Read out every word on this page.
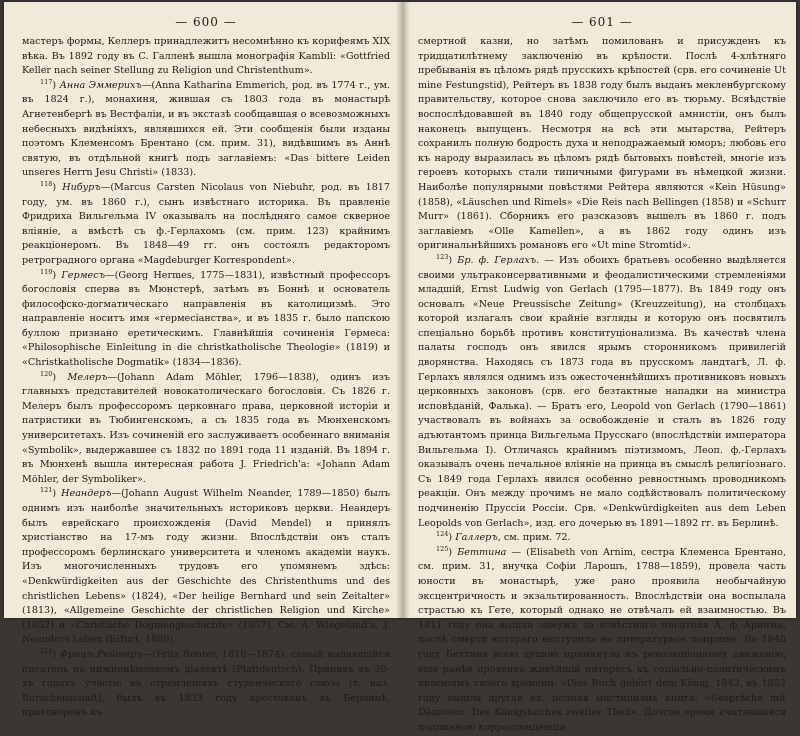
— 600 —

мастеръ формы, Келлеръ принадлежитъ несомнѣнно къ корифеямъ XIX вѣка. Въ 1892 году въ С. Галленѣ вышла монографія Kambli: «Gottfried Keller nach seiner Stellung zu Religion und Christenthum».

$^{117}$) Анна Эммерихъ—(Anna Katharina Emmerich, род. въ 1774 г., ум. въ 1824 г.), монахиня, жившая съ 1803 года въ монастырѣ Агнетенбергѣ въ Вестфаліи, и въ экстазѣ сообщавшая о всевозможныхъ небесныхъ видѣніяхъ, являвшихся ей. Эти сообщенія были изданы поэтомъ Клеменсомъ Брентано (см. прим. 31), видѣвшимъ въ Аннѣ святую, въ отдѣльной книгѣ подъ заглавіемъ: «Das bittere Leiden unseres Herrn Jesu Christi» (1833).

$^{118}$) Нибуръ—(Marcus Carsten Nicolaus von Niebuhr, род. въ 1817 году, ум. въ 1860 г.), сынъ извѣстнаго историка. Въ правленіе Фридриха Вильгельма IV оказывалъ на послѣдняго самое скверное вліяніе, а вмѣстѣ съ ф.-Герлахомъ (см. прим. 123) крайнимъ реакціонеромъ. Въ 1848—49 гг. онъ состоялъ редакторомъ ретроградного органа «Magdeburger Korrespondent».

$^{119}$) Гермесъ—(Georg Hermes, 1775—1831), извѣстный профессоръ богословія сперва въ Мюнстерѣ, затѣмъ въ Боннѣ и основатель философско-догматическаго направленія въ католицизмѣ. Это направленіе носитъ имя «гермесіанства», и въ 1835 г. было папскою буллою признано еретическимъ. Главнѣйшія сочиненія Гермеса: «Philosophische Einleitung in die christkatholische Theologie» (1819) и «Christkatholische Dogmatik» (1834—1836).

$^{120}$) Мелеръ—(Johann Adam Möhler, 1796—1838), одинъ изъ главныхъ представителей новокатолическаго богословія. Съ 1826 г. Мелеръ былъ профессоромъ церковнаго права, церковной исторіи и патристики въ Тюбингенскомъ, а съ 1835 года въ Мюнхенскомъ университетахъ. Изъ сочиненій его заслуживаетъ особеннаго вниманія «Symbolik», выдержавшее съ 1832 по 1891 года 11 изданій. Въ 1894 г. въ Мюнхенѣ вышла интересная работа J. Friedrich'a: «Johann Adam Möhler, der Symboliker».

$^{121}$) Неандеръ—(Johann August Wilhelm Neander, 1789—1850) былъ однимъ изъ наиболѣе значительныхъ историковъ церкви. Неандеръ былъ еврейскаго происхожденія (David Mendel) и принялъ христіанство на 17-мъ году жизни. Впослѣдствіи онъ сталъ профессоромъ берлинскаго университета и членомъ академіи наукъ. Изъ многочисленныхъ трудовъ его упомянемъ здѣсь: «Denkwürdigkeiten aus der Geschichte des Christenthums und des christlichen Lebens» (1824), «Der heilige Bernhard und sein Zeitalter» (1813), «Allgemeine Geschichte der christlichen Religion und Kirche» (1852) и «Christliche Dogmengeschichte» (1857). См. A. Wiegeland'a, J. Neanders Leben (Erfurt, 1889).

$^{122}$) Фрицъ Рейтеръ—(Fritz Reuter, 1810—1874), самый выдающійся писатель на нижненѣмецкомъ діалектѣ (Plattdeutsch). Принявъ въ 30-хъ годахъ участіе въ стремленіяхъ студенческаго союза (т. наз. Burschenschaft), былъ въ 1833 году арестованъ въ Берлинѣ, приговоренъ къ

— 601 —

смертной казни, но затѣмъ помилованъ и присужденъ къ тридцатилѣтнему заключенію въ крѣпости. Послѣ 4-хлѣтняго пребыванія въ цѣломъ рядѣ прусскихъ крѣпостей (срв. его сочиненіе Ut mine Festungstid), Рейтеръ въ 1838 году былъ выданъ мекленбургскому правительству, которое снова заключило его въ тюрьму. Всяѣдствіе воспослѣдовавшей въ 1840 году общепрусской амнистіи, онъ былъ наконецъ выпущенъ. Несмотря на всѣ эти мытарства, Рейтеръ сохранилъ полную бодрость духа и неподражаемый юморъ; любовь его къ народу выразилась въ цѣломъ рядѣ бытовыхъ повѣстей, многіе изъ героевъ которыхъ стали типичными фигурами въ нѣмецкой жизни. Наиболѣе популярными повѣстями Рейтера являются «Kein Hüsung» (1858), «Läuschen und Rimels» «Die Reis nach Bellingen (1858) и «Schurr Murr» (1861). Сборникъ его разсказовъ вышелъ въ 1860 г. подъ заглавіемъ «Olle Kamellen», а въ 1862 году одинъ изъ оригинальнѣйшихъ романовъ его «Ut mine Stromtid».

$^{123}$) Бр. ф. Герлахъ. — Изъ обоихъ братьевъ особенно выдѣляется своими ультраконсервативными и феодалистическими стремленіями младшій, Ernst Ludwig von Gerlach (1795—1877). Въ 1849 году онъ основалъ «Neue Preussische Zeitung» (Kreuzzeitung), на столбцахъ которой излагалъ свои крайніе взгляды и которую онъ посвятилъ спеціально борьбѣ противъ конституціонализма. Въ качествѣ члена палаты господъ онъ явился ярымъ сторонникомъ привилегій дворянства. Находясь съ 1873 года въ прусскомъ ландтагѣ, Л. ф. Герлахъ являлся однимъ изъ ожесточеннѣйшихъ противниковъ новыхъ церковныхъ законовъ (срв. его безтактные нападки на министра исповѣданій, Фалька). — Братъ его, Leopold von Gerlach (1790—1861) участвовалъ въ войнахъ за освобожденіе и сталъ въ 1826 году адъютантомъ принца Вильгельма Прусскаго (впослѣдствіи императора Вильгельма I). Отличаясь крайнимъ піэтизмомъ, Леоп. ф.-Герлахъ оказывалъ очень печальное вліяніе на принца въ смыслѣ религіознаго. Съ 1849 года Герлахъ явился особенно ревностнымъ проводникомъ реакціи. Онъ между прочимъ не мало содѣйствовалъ политическому подчиненію Пруссіи Россіи. Срв. «Denkwürdigkeiten aus dem Leben Leopolds von Gerlach», изд. его дочерью въ 1891—1892 гг. въ Берлинѣ.

$^{124}$) Галлеръ, см. прим. 72.

$^{125}$) Беттина — (Elisabeth von Arnim, сестра Клеменса Брентано, см. прим. 31, внучка Софіи Ларошъ, 1788—1859), провела часть юности въ монастырѣ, уже рано проявила необычайную эксцентричность и экзальтированность. Впослѣдствіи она воспылала страстью къ Гете, который однако не отвѣчалъ ей взаимностью. Въ 1811 году она вышла замужъ за извѣстнаго писателя А. ф.-Арнима, послѣ смерти котораго выступила на литературное поприще. Въ 1848 году Беттина всею душою примкнула къ революціонному движенію, еще ранѣе проявивъ живѣйшій интересъ къ соціально-политическимъ явленіямъ своего времени. «Dies Buch gehört dem König, 1843, въ 1852 году вышла другая ея, полная мистицизма книга: «Gespräche mit Dämonen. Des Königsbuches zweiter Theil». Долгое время считавшаяся подлинною корреспонденція
